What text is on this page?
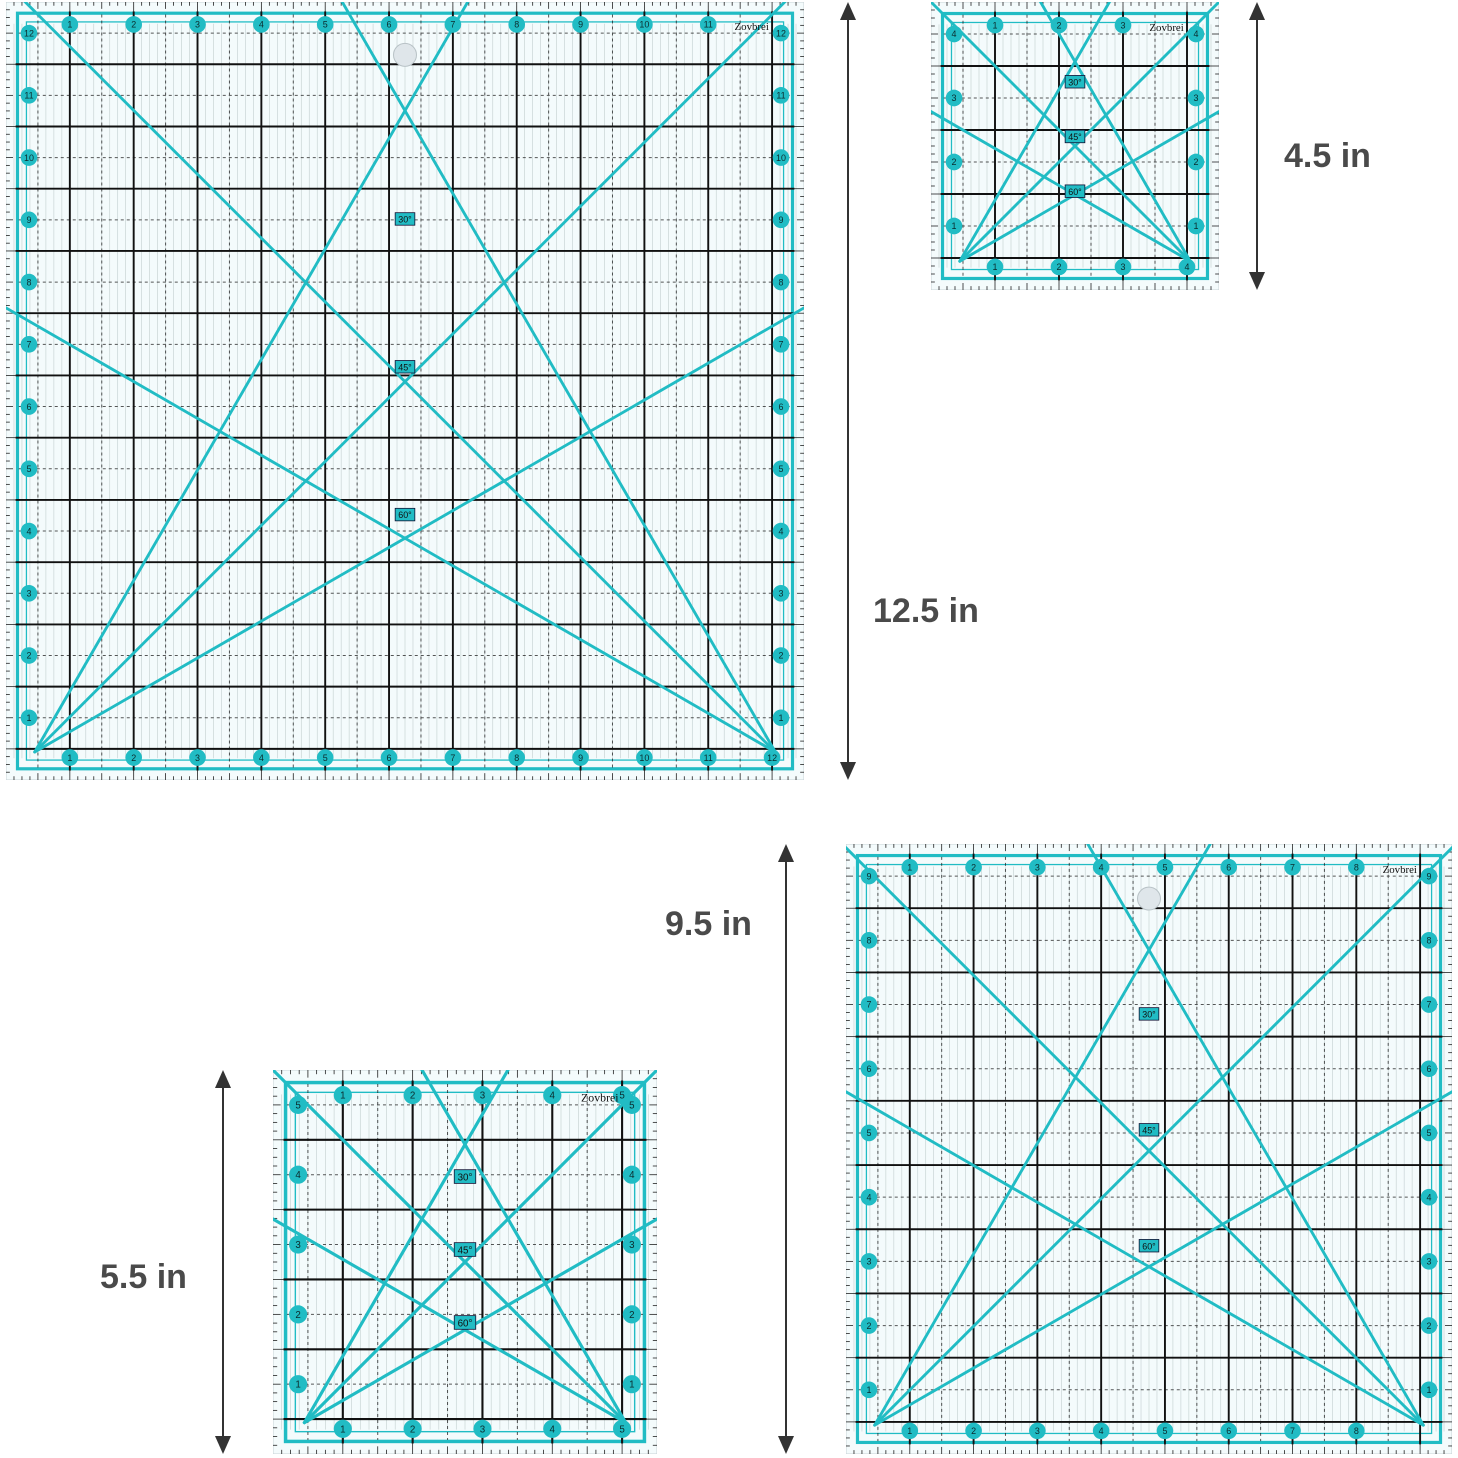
30°
45°
60°
1	2	3	4	5	6	7	8	9	10	11
1	2	3	4	5	6	7	8	9	10	11	12
1	1
2	2
3	3
4	4
5	5
6	6
7	7
8	8
9	9
10	10
11	11
12	12
Zovbrei
30°
45°
60°
1	2	3
1	2	3	4
1	1
2	2
3	3
4	4
Zovbrei
30°
45°
60°
1	2	3	4	5
1	2	3	4	5
1	1
2	2
3	3
4	4
5	5
Zovbrei
30°
45°
60°
1	2	3	4	5	6	7	8
1	2	3	4	5	6	7	8
1	1
2	2
3	3
4	4
5	5
6	6
7	7
8	8
9	9
Zovbrei
12.5 in
4.5 in
9.5 in
5.5 in
